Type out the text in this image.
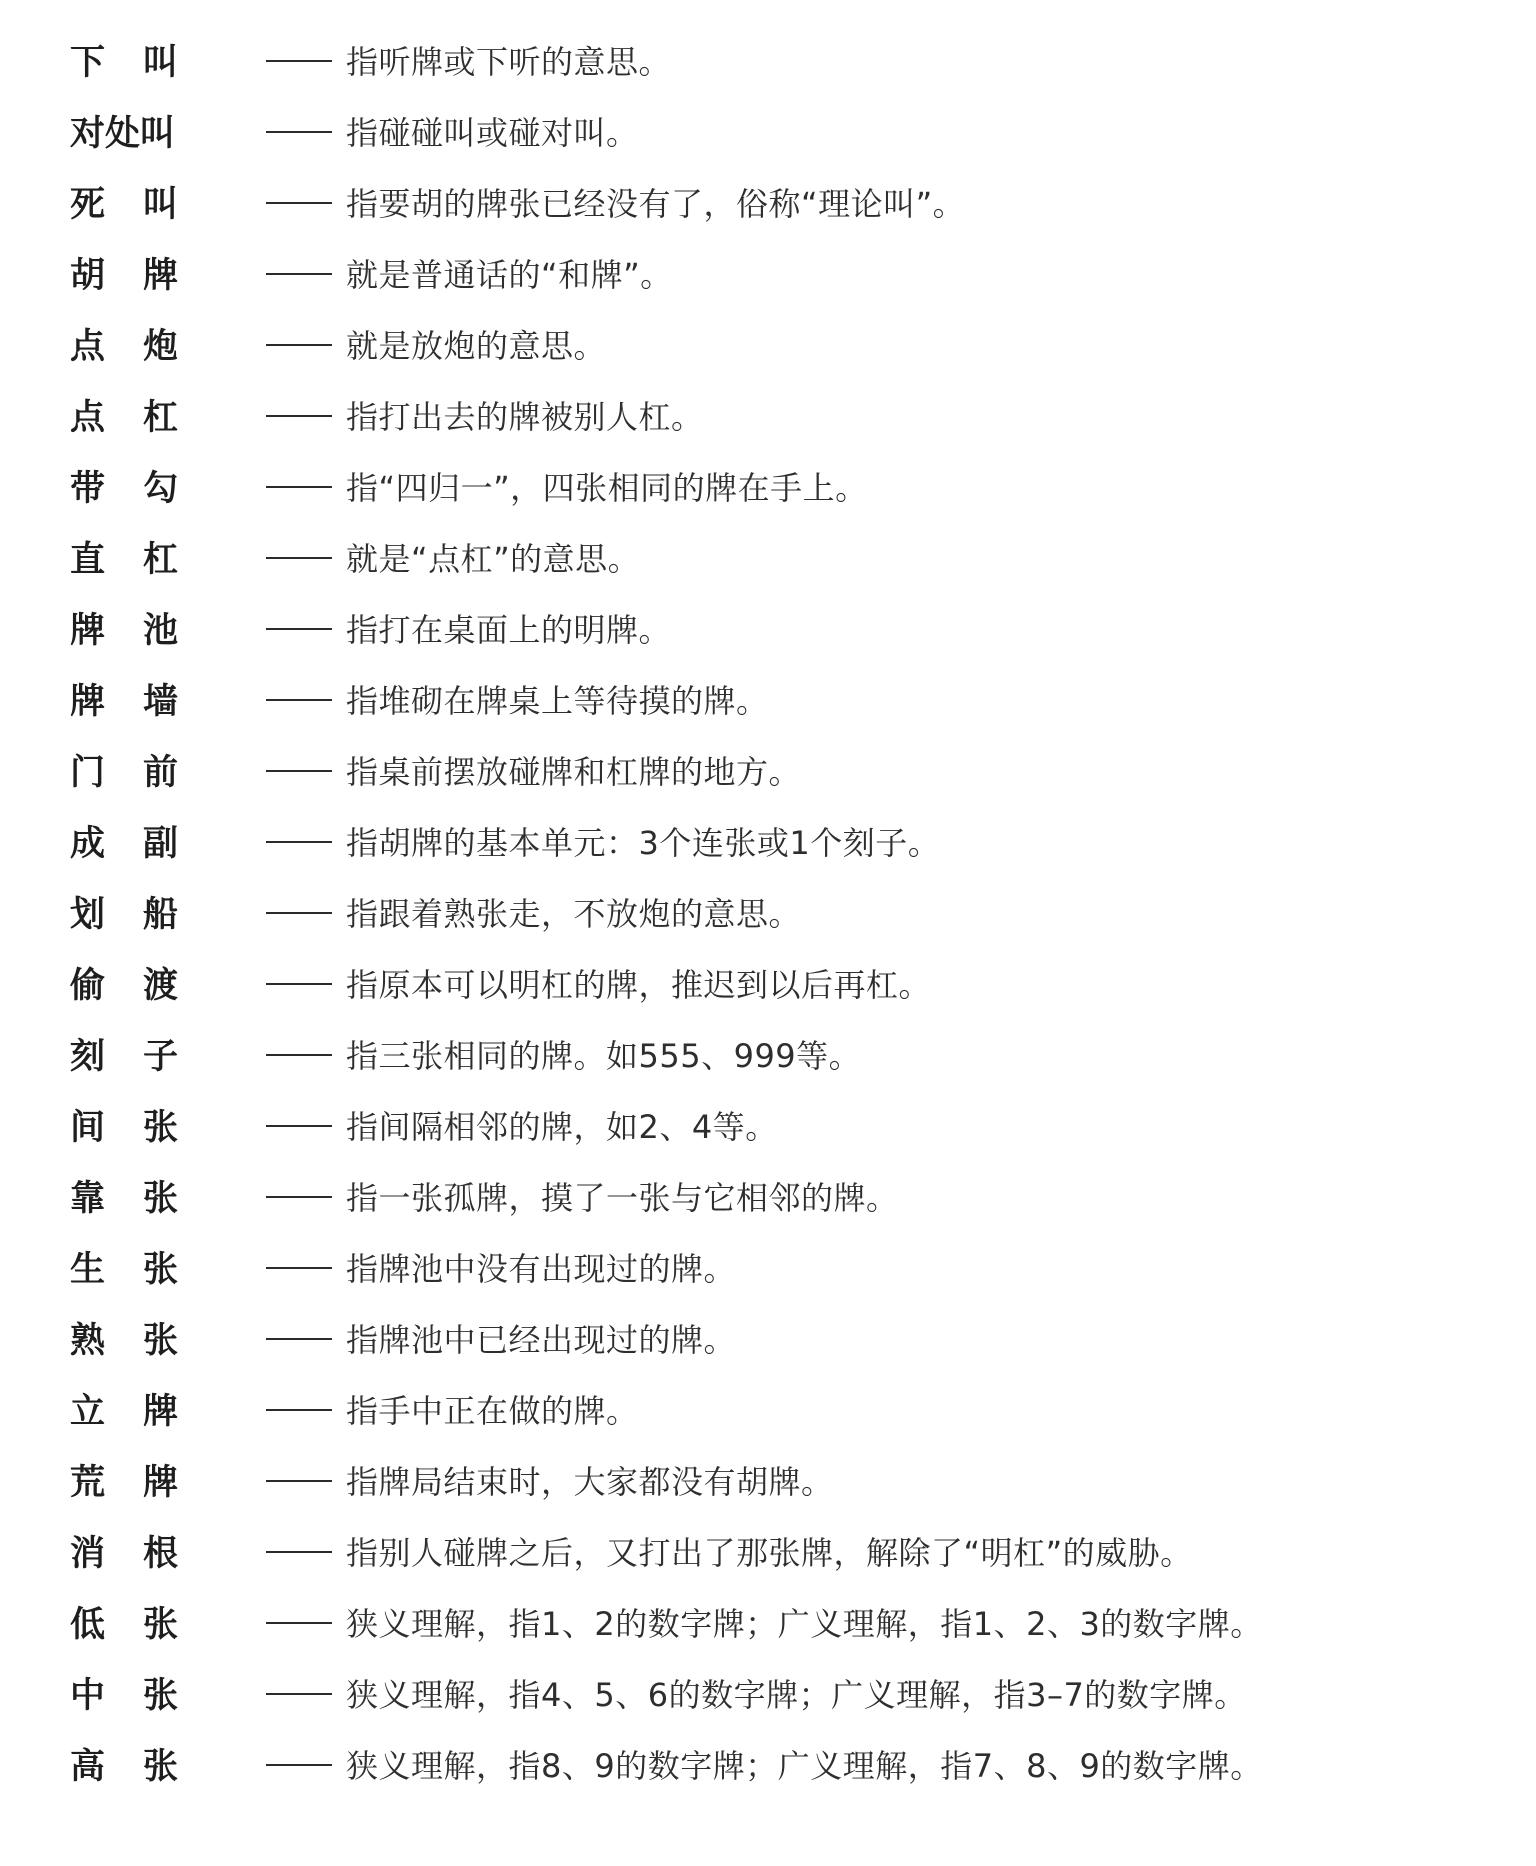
下叫	指听牌或下听的意思。
对处叫	指碰碰叫或碰对叫。
死叫	指要胡的牌张已经没有了，俗称“理论叫”。
胡牌	就是普通话的“和牌”。
点炮	就是放炮的意思。
点杠	指打出去的牌被别人杠。
带勾	指“四归一”，四张相同的牌在手上。
直杠	就是“点杠”的意思。
牌池	指打在桌面上的明牌。
牌墙	指堆砌在牌桌上等待摸的牌。
门前	指桌前摆放碰牌和杠牌的地方。
成副	指胡牌的基本单元：3个连张或1个刻子。
划船	指跟着熟张走，不放炮的意思。
偷渡	指原本可以明杠的牌，推迟到以后再杠。
刻子	指三张相同的牌。如555、999等。
间张	指间隔相邻的牌，如2、4等。
靠张	指一张孤牌，摸了一张与它相邻的牌。
生张	指牌池中没有出现过的牌。
熟张	指牌池中已经出现过的牌。
立牌	指手中正在做的牌。
荒牌	指牌局结束时，大家都没有胡牌。
消根	指别人碰牌之后，又打出了那张牌，解除了“明杠”的威胁。
低张	狭义理解，指1、2的数字牌；广义理解，指1、2、3的数字牌。
中张	狭义理解，指4、5、6的数字牌；广义理解，指3–7的数字牌。
高张	狭义理解，指8、9的数字牌；广义理解，指7、8、9的数字牌。
